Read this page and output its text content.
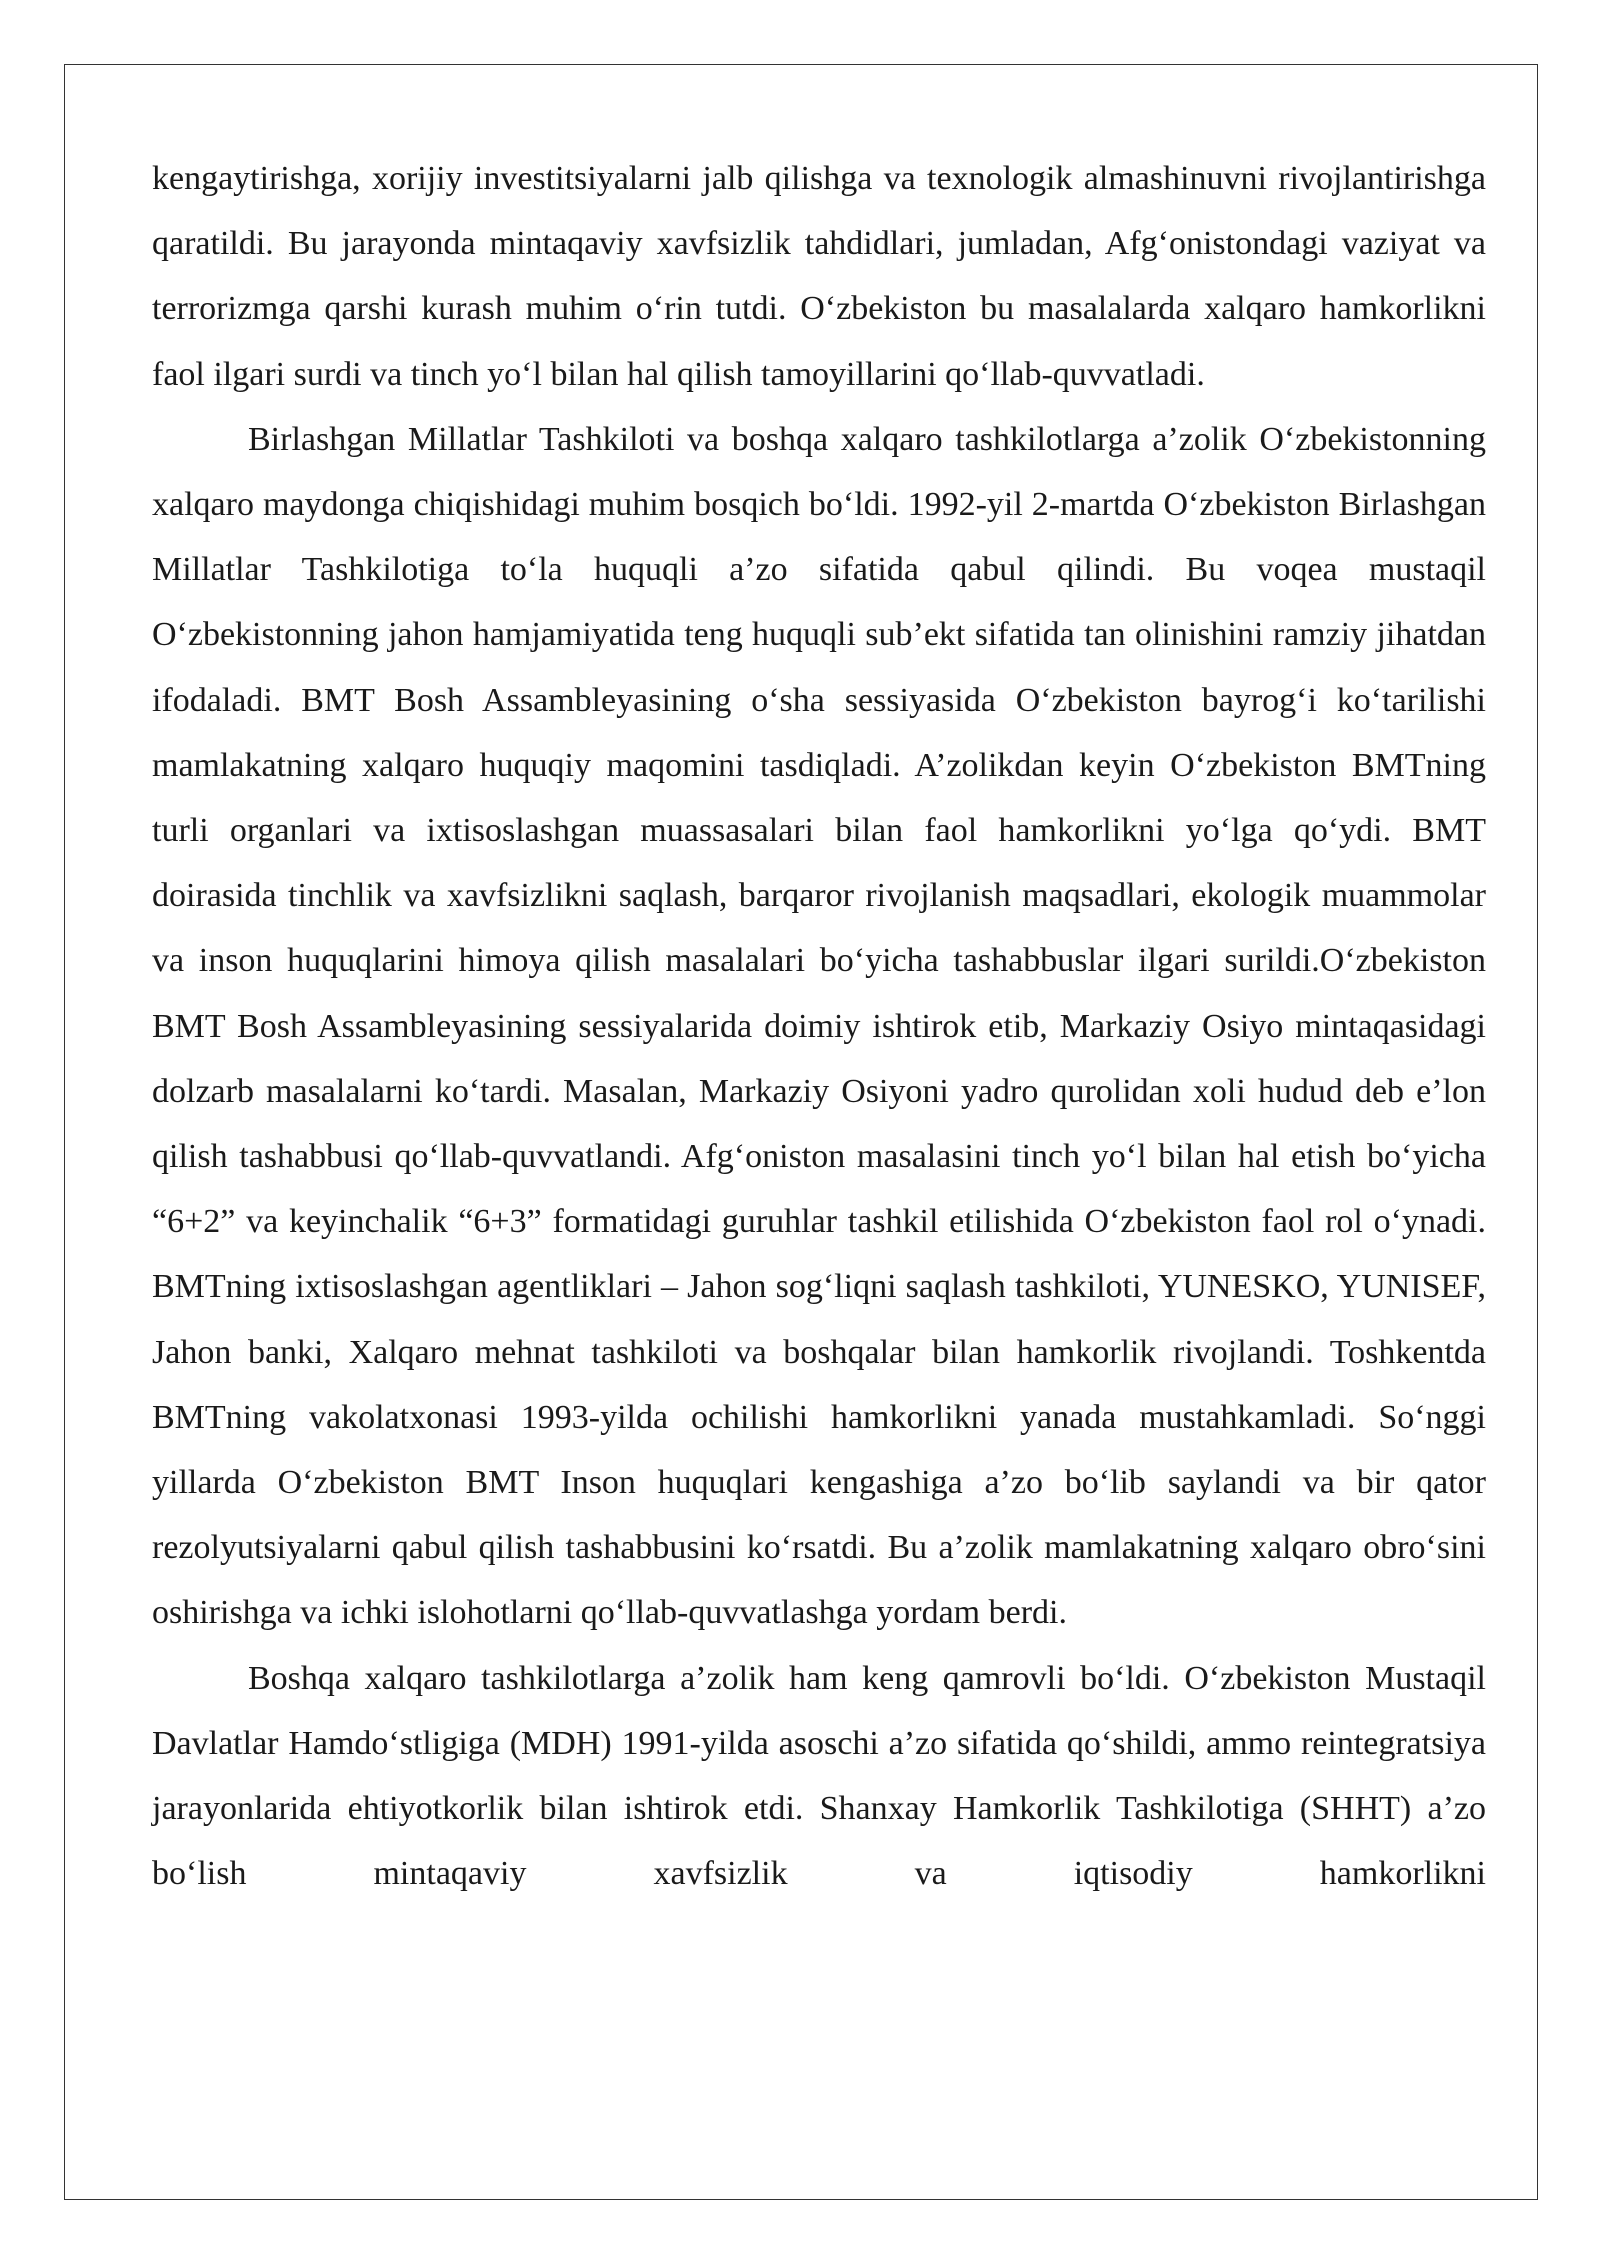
kengaytirishga, xorijiy investitsiyalarni jalb qilishga va texnologik almashinuvni rivojlantirishga qaratildi. Bu jarayonda mintaqaviy xavfsizlik tahdidlari, jumladan, Afg‘onistondagi vaziyat va terrorizmga qarshi kurash muhim o‘rin tutdi. O‘zbekiston bu masalalarda xalqaro hamkorlikni faol ilgari surdi va tinch yo‘l bilan hal qilish tamoyillarini qo‘llab-quvvatladi.

Birlashgan Millatlar Tashkiloti va boshqa xalqaro tashkilotlarga a’zolik O‘zbekistonning xalqaro maydonga chiqishidagi muhim bosqich bo‘ldi. 1992-yil 2-martda O‘zbekiston Birlashgan Millatlar Tashkilotiga to‘la huquqli a’zo sifatida qabul qilindi. Bu voqea mustaqil O‘zbekistonning jahon hamjamiyatida teng huquqli sub’ekt sifatida tan olinishini ramziy jihatdan ifodaladi. BMT Bosh Assambleyasining o‘sha sessiyasida O‘zbekiston bayrog‘i ko‘tarilishi mamlakatning xalqaro huquqiy maqomini tasdiqladi. A’zolikdan keyin O‘zbekiston BMTning turli organlari va ixtisoslashgan muassasalari bilan faol hamkorlikni yo‘lga qo‘ydi. BMT doirasida tinchlik va xavfsizlikni saqlash, barqaror rivojlanish maqsadlari, ekologik muammolar va inson huquqlarini himoya qilish masalalari bo‘yicha tashabbuslar ilgari surildi.O‘zbekiston BMT Bosh Assambleyasining sessiyalarida doimiy ishtirok etib, Markaziy Osiyo mintaqasidagi dolzarb masalalarni ko‘tardi. Masalan, Markaziy Osiyoni yadro qurolidan xoli hudud deb e’lon qilish tashabbusi qo‘llab-quvvatlandi. Afg‘oniston masalasini tinch yo‘l bilan hal etish bo‘yicha “6+2” va keyinchalik “6+3” formatidagi guruhlar tashkil etilishida O‘zbekiston faol rol o‘ynadi. BMTning ixtisoslashgan agentliklari – Jahon sog‘liqni saqlash tashkiloti, YUNESKO, YUNISEF, Jahon banki, Xalqaro mehnat tashkiloti va boshqalar bilan hamkorlik rivojlandi. Toshkentda BMTning vakolatxonasi 1993-yilda ochilishi hamkorlikni yanada mustahkamladi. So‘nggi yillarda O‘zbekiston BMT Inson huquqlari kengashiga a’zo bo‘lib saylandi va bir qator rezolyutsiyalarni qabul qilish tashabbusini ko‘rsatdi. Bu a’zolik mamlakatning xalqaro obro‘sini oshirishga va ichki islohotlarni qo‘llab-quvvatlashga yordam berdi.

Boshqa xalqaro tashkilotlarga a’zolik ham keng qamrovli bo‘ldi. O‘zbekiston Mustaqil Davlatlar Hamdo‘stligiga (MDH) 1991-yilda asoschi a’zo sifatida qo‘shildi, ammo reintegratsiya jarayonlarida ehtiyotkorlik bilan ishtirok etdi. Shanxay Hamkorlik Tashkilotiga (SHHT) a’zo bo‘lish mintaqaviy xavfsizlik va iqtisodiy hamkorlikni
